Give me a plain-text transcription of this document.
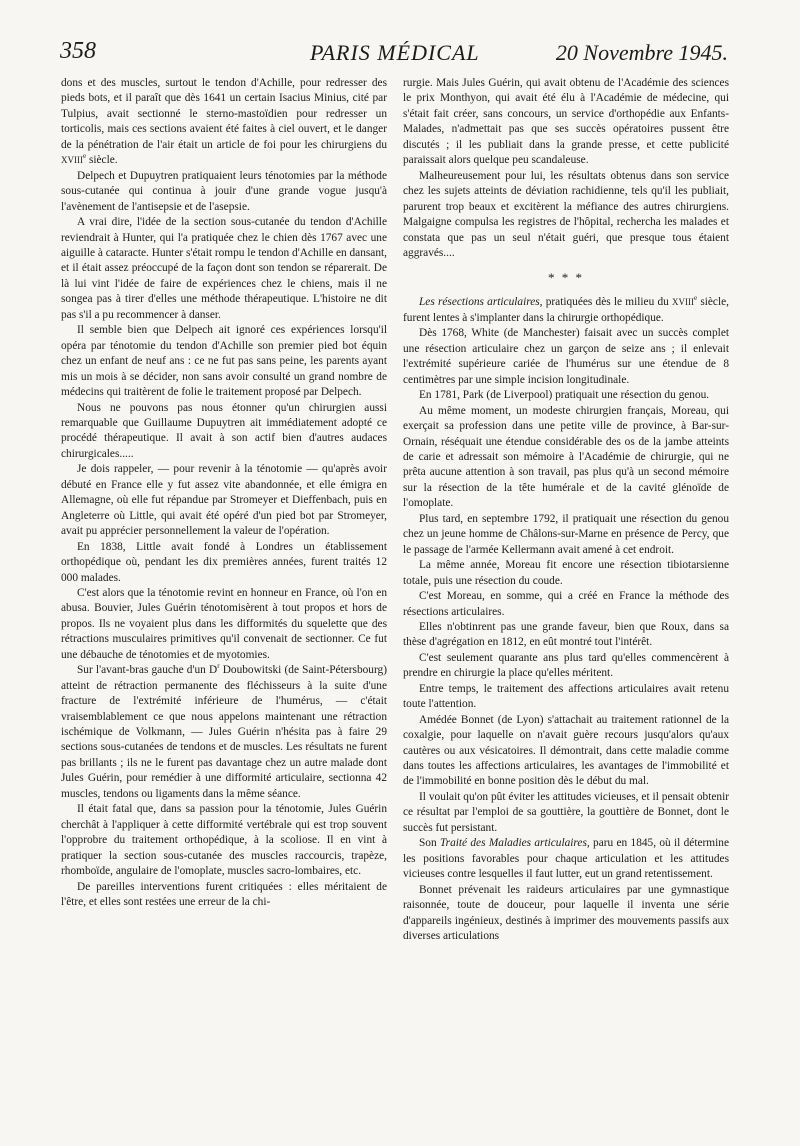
358	PARIS MÉDICAL	20 Novembre 1945.

dons et des muscles, surtout le tendon d'Achille, pour redresser des pieds bots, et il paraît que dès 1641 un certain Isacius Minius, cité par Tulpius, avait sectionné le sterno-mastoïdien pour redresser un torticolis, mais ces sections avaient été faites à ciel ouvert, et le danger de la pénétration de l'air était un article de foi pour les chirurgiens du XVIIIe siècle.

Delpech et Dupuytren pratiquaient leurs ténotomies par la méthode sous-cutanée qui continua à jouir d'une grande vogue jusqu'à l'avènement de l'antisepsie et de l'asepsie.

A vrai dire, l'idée de la section sous-cutanée du tendon d'Achille reviendrait à Hunter, qui l'a pratiquée chez le chien dès 1767 avec une aiguille à cataracte. Hunter s'était rompu le tendon d'Achille en dansant, et il était assez préoccupé de la façon dont son tendon se réparerait. De là lui vint l'idée de faire de expériences chez le chiens, mais il ne songea pas à tirer d'elles une méthode thérapeutique. L'histoire ne dit pas s'il a pu recommencer à danser.

Il semble bien que Delpech ait ignoré ces expériences lorsqu'il opéra par ténotomie du tendon d'Achille son premier pied bot équin chez un enfant de neuf ans : ce ne fut pas sans peine, les parents ayant mis un mois à se décider, non sans avoir consulté un grand nombre de médecins qui traitèrent de folie le traitement proposé par Delpech.

Nous ne pouvons pas nous étonner qu'un chirurgien aussi remarquable que Guillaume Dupuytren ait immédiatement adopté ce procédé thérapeutique. Il avait à son actif bien d'autres audaces chirurgicales.....

Je dois rappeler, — pour revenir à la ténotomie — qu'après avoir débuté en France elle y fut assez vite abandonnée, et elle émigra en Allemagne, où elle fut répandue par Stromeyer et Dieffenbach, puis en Angleterre où Little, qui avait été opéré d'un pied bot par Stromeyer, avait pu apprécier personnellement la valeur de l'opération.

En 1838, Little avait fondé à Londres un établissement orthopédique où, pendant les dix premières années, furent traités 12 000 malades.

C'est alors que la ténotomie revint en honneur en France, où l'on en abusa. Bouvier, Jules Guérin ténotomisèrent à tout propos et hors de propos. Ils ne voyaient plus dans les difformités du squelette que des rétractions musculaires primitives qu'il convenait de sectionner. Ce fut une débauche de ténotomies et de myotomies.

Sur l'avant-bras gauche d'un $D^r$ Doubowitski (de Saint-Pétersbourg) atteint de rétraction permanente des fléchisseurs à la suite d'une fracture de l'extrémité inférieure de l'humérus, — c'était vraisemblablement ce que nous appelons maintenant une rétraction ischémique de Volkmann, — Jules Guérin n'hésita pas à faire 29 sections sous-cutanées de tendons et de muscles. Les résultats ne furent pas brillants ; ils ne le furent pas davantage chez un autre malade dont Jules Guérin, pour remédier à une difformité articulaire, sectionna 42 muscles, tendons ou ligaments dans la même séance.

Il était fatal que, dans sa passion pour la ténotomie, Jules Guérin cherchât à l'appliquer à cette difformité vertébrale qui est trop souvent l'opprobre du traitement orthopédique, à la scoliose. Il en vint à pratiquer la section sous-cutanée des muscles raccourcis, trapèze, rhomboïde, angulaire de l'omoplate, muscles sacro-lombaires, etc.

De pareilles interventions furent critiquées : elles méritaient de l'être, et elles sont restées une erreur de la chi-

rurgie. Mais Jules Guérin, qui avait obtenu de l'Académie des sciences le prix Monthyon, qui avait été élu à l'Académie de médecine, qui s'était fait créer, sans concours, un service d'orthopédie aux Enfants-Malades, n'admettait pas que ses succès opératoires pussent être discutés ; il les publiait dans la grande presse, et cette publicité paraissait alors quelque peu scandaleuse.

Malheureusement pour lui, les résultats obtenus dans son service chez les sujets atteints de déviation rachidienne, tels qu'il les publiait, parurent trop beaux et excitèrent la méfiance des autres chirurgiens. Malgaigne compulsa les registres de l'hôpital, rechercha les malades et constata que pas un seul n'était guéri, que presque tous étaient aggravés....

* * *

Les résections articulaires, pratiquées dès le milieu du XVIIIe siècle, furent lentes à s'implanter dans la chirurgie orthopédique.

Dès 1768, White (de Manchester) faisait avec un succès complet une résection articulaire chez un garçon de seize ans ; il enlevait l'extrémité supérieure cariée de l'humérus sur une étendue de 8 centimètres par une simple incision longitudinale.

En 1781, Park (de Liverpool) pratiquait une résection du genou.

Au même moment, un modeste chirurgien français, Moreau, qui exerçait sa profession dans une petite ville de province, à Bar-sur-Ornain, réséquait une étendue considérable des os de la jambe atteints de carie et adressait son mémoire à l'Académie de chirurgie, qui ne prêta aucune attention à son travail, pas plus qu'à un second mémoire sur la résection de la tête humérale et de la cavité glénoïde de l'omoplate.

Plus tard, en septembre 1792, il pratiquait une résection du genou chez un jeune homme de Châlons-sur-Marne en présence de Percy, que le passage de l'armée Kellermann avait amené à cet endroit.

La même année, Moreau fit encore une résection tibiotarsienne totale, puis une résection du coude.

C'est Moreau, en somme, qui a créé en France la méthode des résections articulaires.

Elles n'obtinrent pas une grande faveur, bien que Roux, dans sa thèse d'agrégation en 1812, en eût montré tout l'intérêt.

C'est seulement quarante ans plus tard qu'elles commencèrent à prendre en chirurgie la place qu'elles méritent.

Entre temps, le traitement des affections articulaires avait retenu toute l'attention.

Amédée Bonnet (de Lyon) s'attachait au traitement rationnel de la coxalgie, pour laquelle on n'avait guère recours jusqu'alors qu'aux cautères ou aux vésicatoires. Il démontrait, dans cette maladie comme dans toutes les affections articulaires, les avantages de l'immobilité et de l'immobilité en bonne position dès le début du mal.

Il voulait qu'on pût éviter les attitudes vicieuses, et il pensait obtenir ce résultat par l'emploi de sa gouttière, la gouttière de Bonnet, dont le succès fut persistant.

Son Traité des Maladies articulaires, paru en 1845, où il détermine les positions favorables pour chaque articulation et les attitudes vicieuses contre lesquelles il faut lutter, eut un grand retentissement.

Bonnet prévenait les raideurs articulaires par une gymnastique raisonnée, toute de douceur, pour laquelle il inventa une série d'appareils ingénieux, destinés à imprimer des mouvements passifs aux diverses articulations
